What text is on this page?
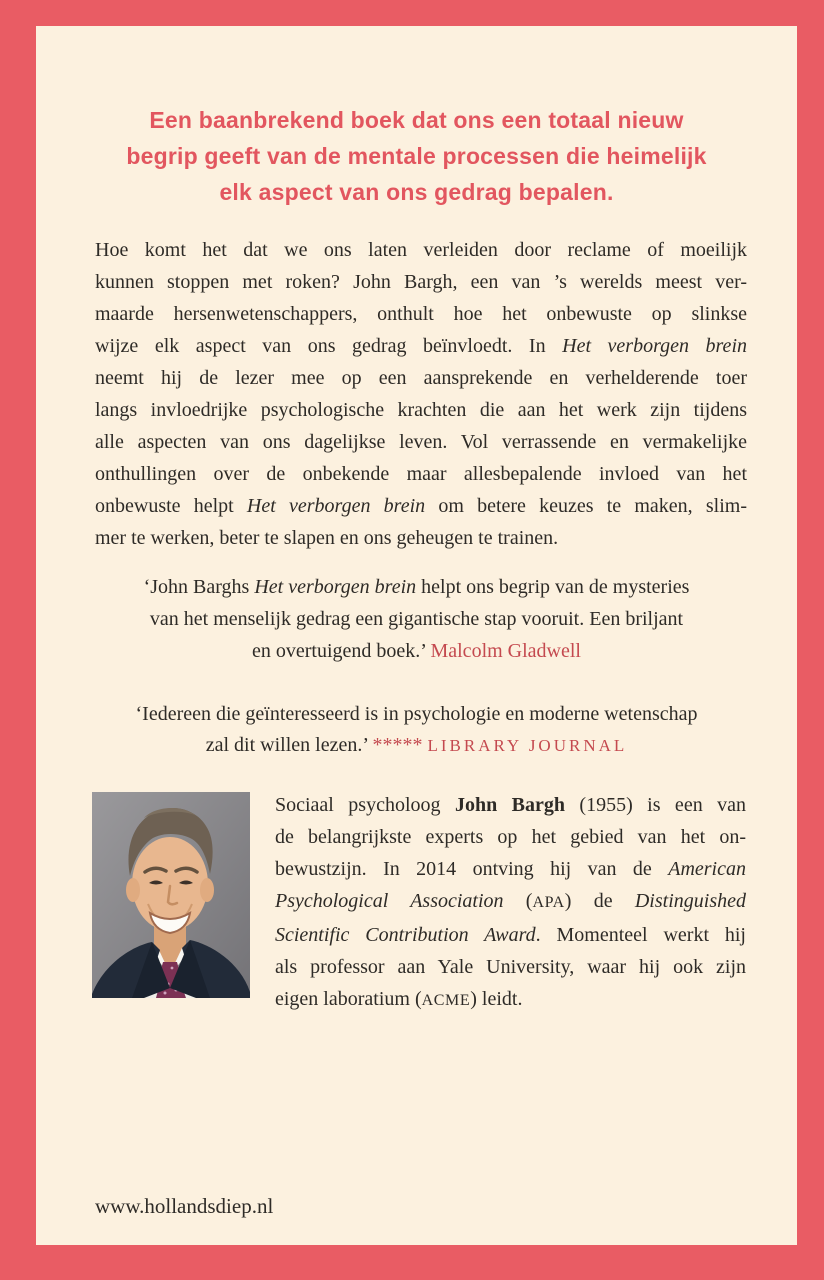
Een baanbrekend boek dat ons een totaal nieuw
begrip geeft van de mentale processen die heimelijk
elk aspect van ons gedrag bepalen.
Hoe komt het dat we ons laten verleiden door reclame of moeilijk
kunnen stoppen met roken? John Bargh, een van ’s werelds meest ver-
maarde hersenwetenschappers, onthult hoe het onbewuste op slinkse
wijze elk aspect van ons gedrag beïnvloedt. In Het verborgen brein
neemt hij de lezer mee op een aansprekende en verhelderende toer
langs invloedrijke psychologische krachten die aan het werk zijn tijdens
alle aspecten van ons dagelijkse leven. Vol verrassende en vermakelijke
onthullingen over de onbekende maar allesbepalende invloed van het
onbewuste helpt Het verborgen brein om betere keuzes te maken, slim-
mer te werken, beter te slapen en ons geheugen te trainen.
‘John Barghs Het verborgen brein helpt ons begrip van de mysteries
van het menselijk gedrag een gigantische stap vooruit. Een briljant
en overtuigend boek.’ Malcolm Gladwell
‘Iedereen die geïnteresseerd is in psychologie en moderne wetenschap
zal dit willen lezen.’ ***** LIBRARY JOURNAL
Sociaal psycholoog John Bargh (1955) is een van
de belangrijkste experts op het gebied van het on-
bewustzijn. In 2014 ontving hij van de American
Psychological Association (APA) de Distinguished
Scientific Contribution Award. Momenteel werkt hij
als professor aan Yale University, waar hij ook zijn
eigen laboratium (ACME) leidt.
www.hollandsdiep.nl
